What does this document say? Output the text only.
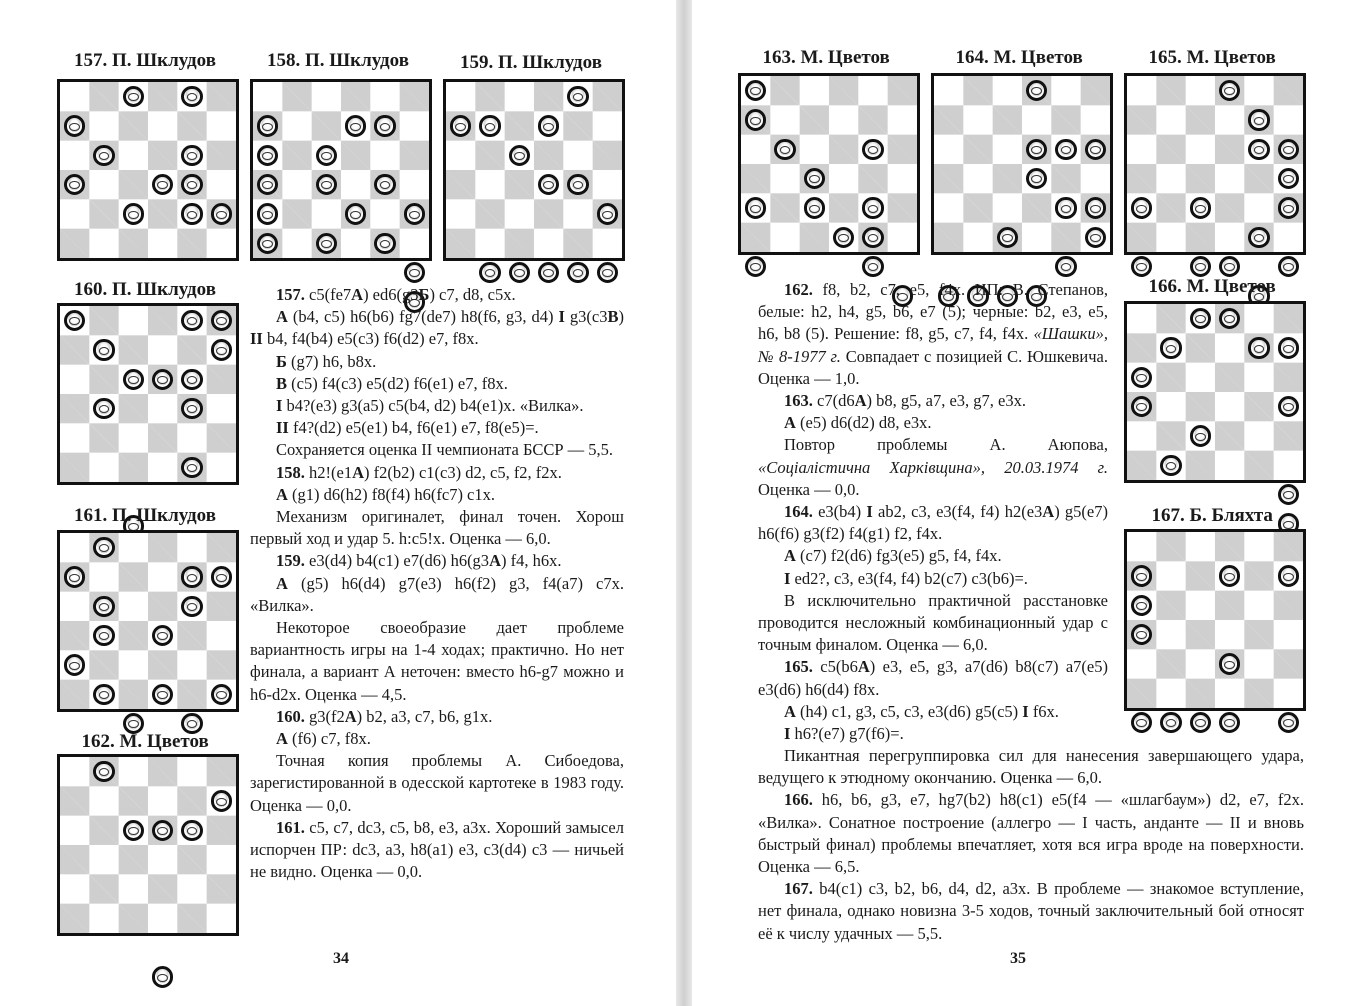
157. П. Шклудов	158. П. Шклудов	159. П. Шклудов
160. П. Шклудов
161. П. Шклудов
162. М. Цветов

157. c5(fe7А) ed6(g3Б) c7, d8, c5x.

А (b4, c5) h6(b6) fg7(de7) h8(f6, g3, d4) I g3(c3B) II b4, f4(b4) e5(c3) f6(d2) e7, f8x.

Б (g7) h6, b8x.

B (c5) f4(c3) e5(d2) f6(e1) e7, f8x.

I b4?(e3) g3(a5) c5(b4, d2) b4(e1)x. «Вилка».

II f4?(d2) e5(e1) b4, f6(e1) e7, f8(e5)=.

Сохраняется оценка II чемпионата БССР — 5,5.

158. h2!(e1А) f2(b2) c1(c3) d2, c5, f2, f2x.

А (g1) d6(h2) f8(f4) h6(fc7) c1x.

Механизм оригиналет, финал точен. Хорош первый ход и удар 5. h:c5!x. Оценка — 6,0.

159. e3(d4) b4(c1) e7(d6) h6(g3А) f4, h6x.

А (g5) h6(d4) g7(e3) h6(f2) g3, f4(a7) c7x. «Вилка».

Некоторое своеобразие дает проблеме вариантность игры на 1-4 ходах; практично. Но нет финала, а вариант А неточен: вместо h6-g7 можно и h6-d2x. Оценка — 4,5.

160. g3(f2А) b2, a3, c7, b6, g1x.

А (f6) c7, f8x.

Точная копия проблемы А. Сибоедова, зарегистированной в одесской картотеке в 1983 году. Оценка — 0,0.

161. c5, c7, dc3, c5, b8, e3, a3x. Хороший замысел испорчен ПР: dc3, a3, h8(a1) e3, c3(d4) c3 — ничьей не видно. Оценка — 0,0.

34
163. М. Цветов	164. М. Цветов	165. М. Цветов
166. М. Цветов
167. Б. Бляхта

162. f8, b2, c7, e5, f4x. ИП: В. Степанов, белые: h2, h4, g5, b6, e7 (5); черные: b2, e3, e5, h6, b8 (5). Решение: f8, g5, c7, f4, f4x. «Шашки», № 8-1977 г. Совпадает с позицией С. Юшкевича. Оценка — 1,0.

163. c7(d6А) b8, g5, a7, e3, g7, e3x.

А (e5) d6(d2) d8, e3x.

Повтор проблемы А. Аюпова, «Соціалістична Харківщина», 20.03.1974 г. Оценка — 0,0.

164. e3(b4) I ab2, c3, e3(f4, f4) h2(e3А) g5(e7) h6(f6) g3(f2) f4(g1) f2, f4x.

А (c7) f2(d6) fg3(e5) g5, f4, f4x.

I ed2?, c3, e3(f4, f4) b2(c7) c3(b6)=.

В исключительно практичной расстановке проводится несложный комбинационный удар с точным финалом. Оценка — 6,0.

165. c5(b6А) e3, e5, g3, a7(d6) b8(c7) a7(e5) e3(d6) h6(d4) f8x.

А (h4) c1, g3, c5, c3, e3(d6) g5(c5) I f6x.

I h6?(e7) g7(f6)=.

Пикантная перегруппировка сил для нанесения завершающего удара, ведущего к этюдному окончанию. Оценка — 6,0.

166. h6, b6, g3, e7, hg7(b2) h8(c1) e5(f4 — «шлагбаум») d2, e7, f2x. «Вилка». Сонатное построение (аллегро — I часть, анданте — II и вновь быстрый финал) проблемы впечатляет, хотя вся игра вроде на поверхности. Оценка — 6,5.

167. b4(c1) c3, b2, b6, d4, d2, a3x. В проблеме — знакомое вступление, нет финала, однако новизна 3-5 ходов, точный заключительный бой относят её к числу удачных — 5,5.

35
